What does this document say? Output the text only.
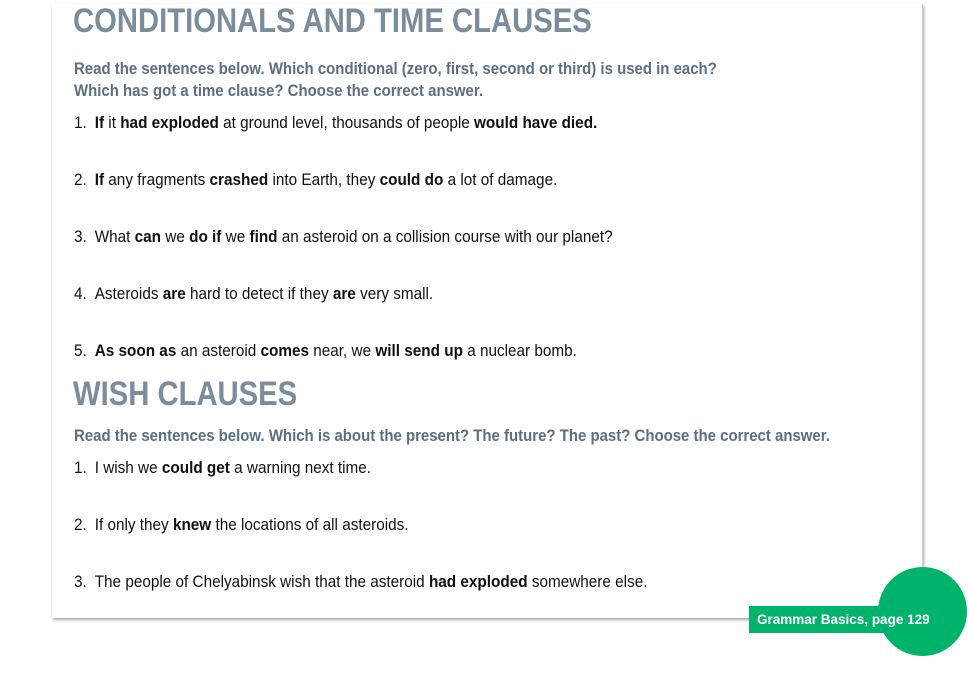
CONDITIONALS AND TIME CLAUSES
Read the sentences below. Which conditional (zero, first, second or third) is used in each?
Which has got a time clause? Choose the correct answer.

1. If it had exploded at ground level, thousands of people would have died.

2. If any fragments crashed into Earth, they could do a lot of damage.

3. What can we do if we find an asteroid on a collision course with our planet?

4. Asteroids are hard to detect if they are very small.

5. As soon as an asteroid comes near, we will send up a nuclear bomb.

WISH CLAUSES
Read the sentences below. Which is about the present? The future? The past? Choose the correct answer.

1. I wish we could get a warning next time.

2. If only they knew the locations of all asteroids.

3. The people of Chelyabinsk wish that the asteroid had exploded somewhere else.

Grammar Basics, page 129
